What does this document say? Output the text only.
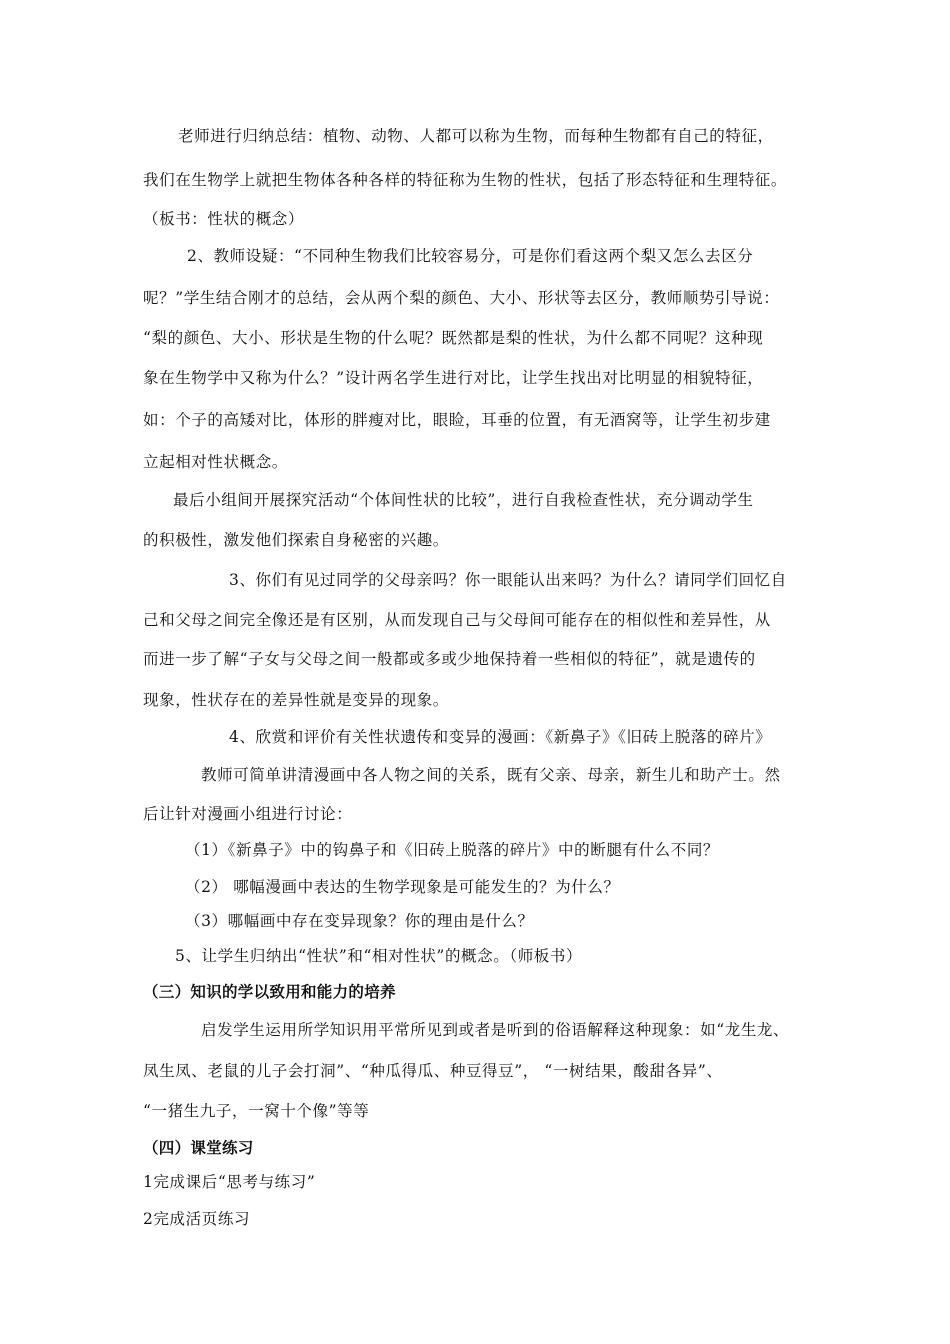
老师进行归纳总结：植物、动物、人都可以称为生物，而每种生物都有自己的特征，
我们在生物学上就把生物体各种各样的特征称为生物的性状，包括了形态特征和生理特征。
（板书：性状的概念）
2、教师设疑：“不同种生物我们比较容易分，可是你们看这两个梨又怎么去区分
呢？”学生结合刚才的总结，会从两个梨的颜色、大小、形状等去区分，教师顺势引导说：
“梨的颜色、大小、形状是生物的什么呢？既然都是梨的性状，为什么都不同呢？这种现
象在生物学中又称为什么？”设计两名学生进行对比，让学生找出对比明显的相貌特征，
如：个子的高矮对比，体形的胖瘦对比，眼睑，耳垂的位置，有无酒窝等，让学生初步建
立起相对性状概念。
最后小组间开展探究活动“个体间性状的比较”，进行自我检查性状，充分调动学生
的积极性，激发他们探索自身秘密的兴趣。
3、你们有见过同学的父母亲吗？你一眼能认出来吗？为什么？请同学们回忆自
己和父母之间完全像还是有区别，从而发现自己与父母间可能存在的相似性和差异性，从
而进一步了解“子女与父母之间一般都或多或少地保持着一些相似的特征”，就是遗传的
现象，性状存在的差异性就是变异的现象。
4、欣赏和评价有关性状遗传和变异的漫画：《新鼻子》《旧砖上脱落的碎片》
教师可简单讲清漫画中各人物之间的关系，既有父亲、母亲，新生儿和助产士。然
后让针对漫画小组进行讨论：
（1）《新鼻子》中的钩鼻子和《旧砖上脱落的碎片》中的断腿有什么不同？
（2） 哪幅漫画中表达的生物学现象是可能发生的？为什么？
（3）哪幅画中存在变异现象？你的理由是什么？
5、让学生归纳出“性状”和“相对性状”的概念。（师板书）
（三）知识的学以致用和能力的培养
启发学生运用所学知识用平常所见到或者是听到的俗语解释这种现象：如“龙生龙、
凤生凤、老鼠的儿子会打洞”、“种瓜得瓜、种豆得豆”， “一树结果，酸甜各异”、
“一猪生九子，一窝十个像”等等
（四）课堂练习
1完成课后“思考与练习”
2完成活页练习
